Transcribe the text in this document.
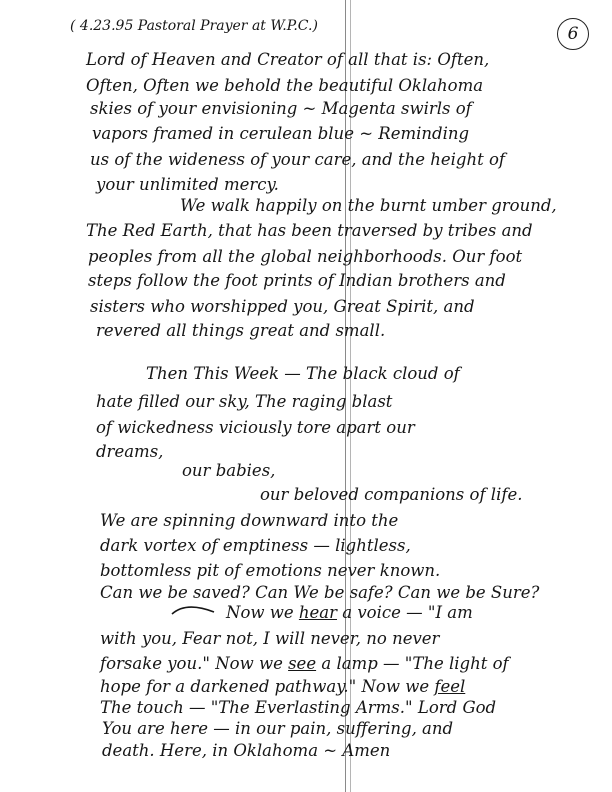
( 4.23.95 Pastoral Prayer at W.P.C.)	6
Lord of Heaven and Creator of all that is: Often,
Often, Often we behold the beautiful Oklahoma
skies of your envisioning ~ Magenta swirls of
vapors framed in cerulean blue ~ Reminding
us of the wideness of your care, and the height of
your unlimited mercy.
We walk happily on the burnt umber ground,
The Red Earth, that has been traversed by tribes and
peoples from all the global neighborhoods. Our foot
steps follow the foot prints of Indian brothers and
sisters who worshipped you, Great Spirit, and
revered all things great and small.
Then This Week — The black cloud of
hate filled our sky, The raging blast
of wickedness viciously tore apart our
dreams,
our babies,
our beloved companions of life.
We are spinning downward into the
dark vortex of emptiness — lightless,
bottomless pit of emotions never known.
Can we be saved? Can We be safe? Can we be Sure?
Now we hear a voice — "I am
with you, Fear not, I will never, no never
forsake you." Now we see a lamp — "The light of
hope for a darkened pathway." Now we feel
The touch — "The Everlasting Arms." Lord God
You are here — in our pain, suffering, and
death. Here, in Oklahoma ~ Amen
